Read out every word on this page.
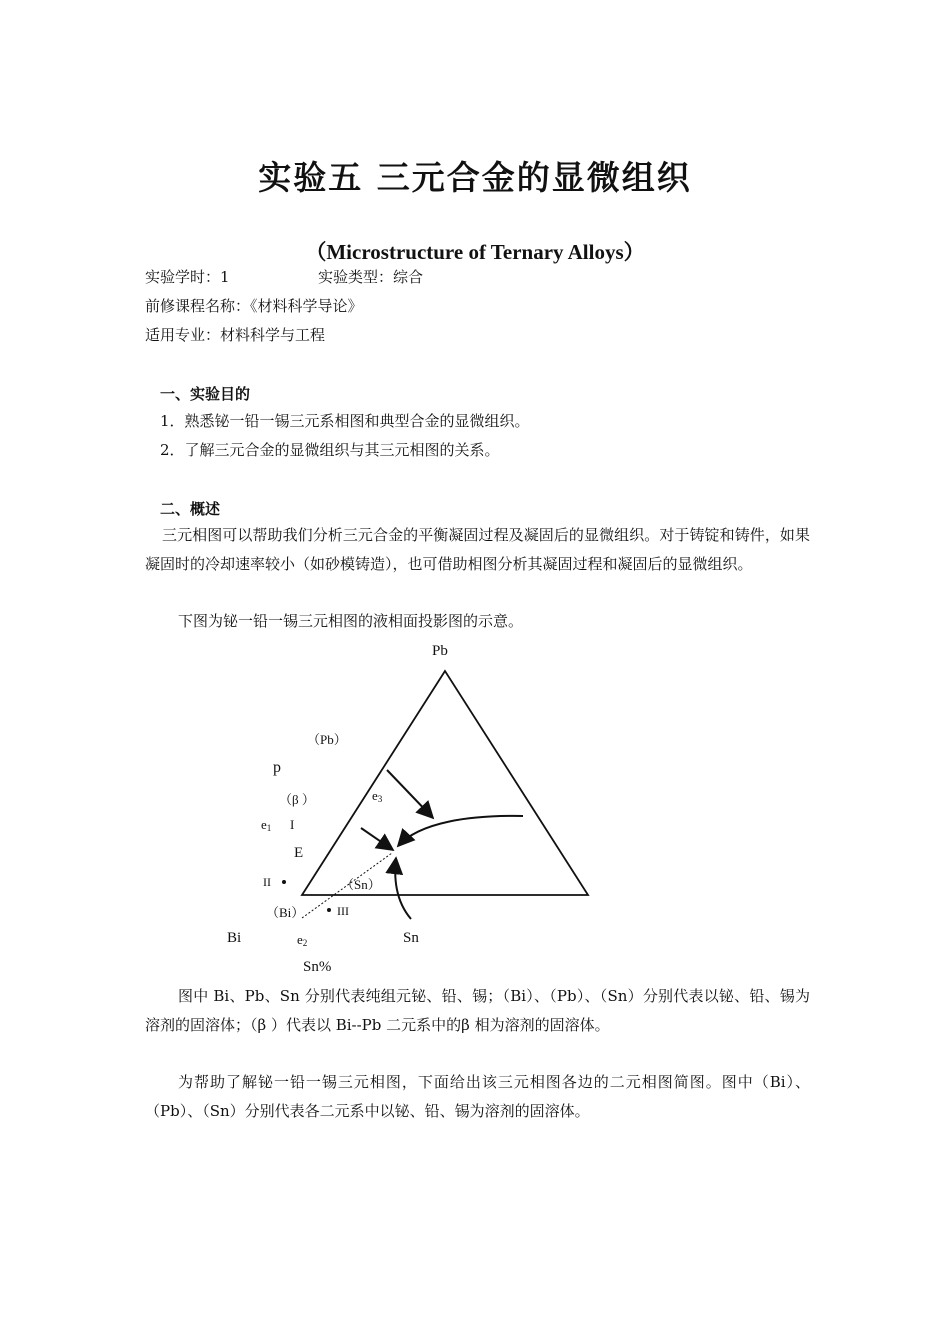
实验五 三元合金的显微组织
（Microstructure of Ternary Alloys）
实验学时：1	实验类型：综合
前修课程名称：《材料科学导论》
适用专业：材料科学与工程
一、实验目的
1．熟悉铋一铅一锡三元系相图和典型合金的显微组织。
2．了解三元合金的显微组织与其三元相图的关系。
二、概述
三元相图可以帮助我们分析三元合金的平衡凝固过程及凝固后的显微组织。对于铸锭和铸件，如果凝固时的冷却速率较小（如砂模铸造），也可借助相图分析其凝固过程和凝固后的显微组织。
下图为铋一铅一锡三元相图的液相面投影图的示意。
Pb
（Pb）
p
（β ）	$e_3$
$e_1$ I
E
II	（Sn）
（Bi）	III
Bi	$e_2$	Sn
Sn%
图中 Bi、Pb、Sn 分别代表纯组元铋、铅、锡；（Bi）、（Pb）、（Sn）分别代表以铋、铅、锡为溶剂的固溶体；（β ）代表以 Bi--Pb 二元系中的β 相为溶剂的固溶体。
为帮助了解铋一铅一锡三元相图，下面给出该三元相图各边的二元相图简图。图中（Bi）、（Pb）、（Sn）分别代表各二元系中以铋、铅、锡为溶剂的固溶体。
